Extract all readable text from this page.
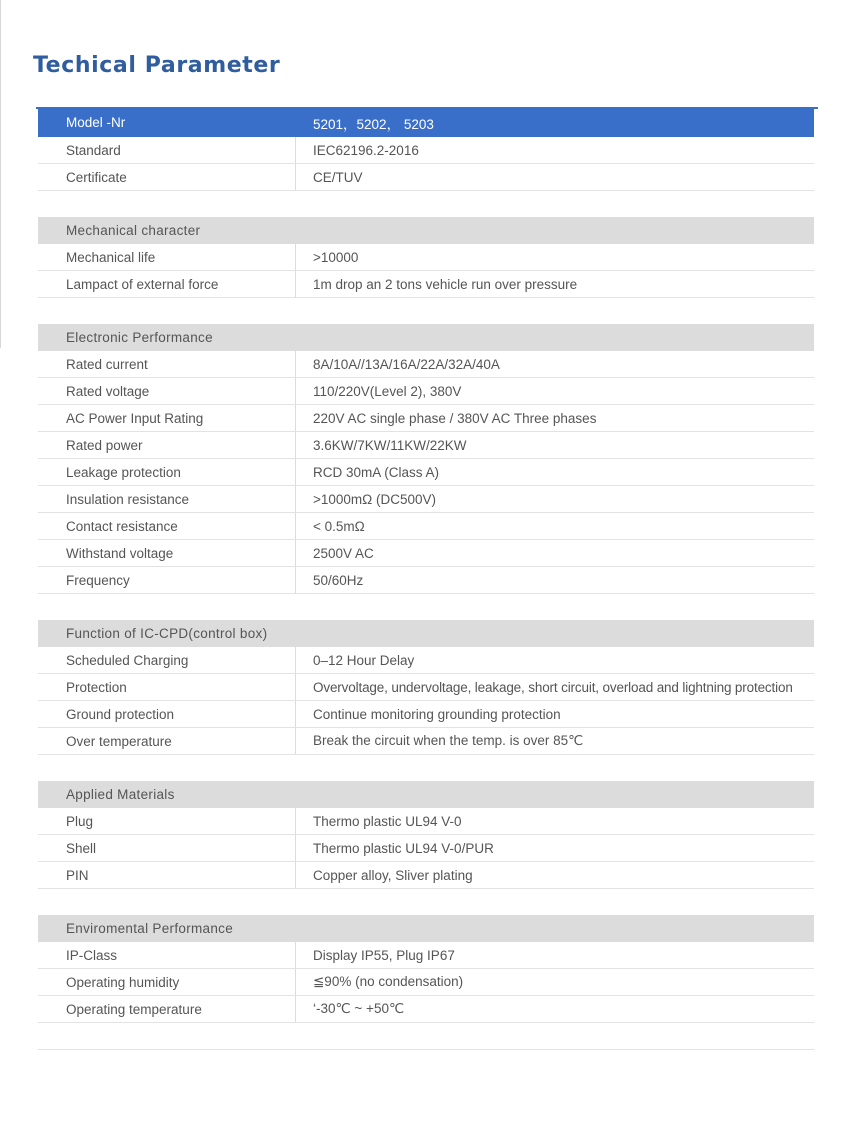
Techical Parameter
Model -Nr	5201，5202， 5203
Standard	IEC62196.2-2016
Certificate	CE/TUV
Mechanical character
Mechanical life	>10000
Lampact of external force	1m drop an 2 tons vehicle run over pressure
Electronic Performance
Rated current	8A/10A//13A/16A/22A/32A/40A
Rated voltage	110/220V(Level 2), 380V
AC Power Input Rating	220V AC single phase / 380V AC Three phases
Rated power	3.6KW/7KW/11KW/22KW
Leakage protection	RCD 30mA (Class A)
Insulation resistance	>1000mΩ (DC500V)
Contact resistance	< 0.5mΩ
Withstand voltage	2500V AC
Frequency	50/60Hz
Function of IC-CPD(control box)
Scheduled Charging	0–12 Hour Delay
Protection	Overvoltage, undervoltage, leakage, short circuit, overload and lightning protection
Ground protection	Continue monitoring grounding protection
Over temperature	Break the circuit when the temp. is over 85℃
Applied Materials
Plug	Thermo plastic UL94 V-0
Shell	Thermo plastic UL94 V-0/PUR
PIN	Copper alloy, Sliver plating
Enviromental Performance
IP-Class	Display IP55, Plug IP67
Operating humidity	≦90% (no condensation)
Operating temperature	‘-30℃ ~ +50℃
